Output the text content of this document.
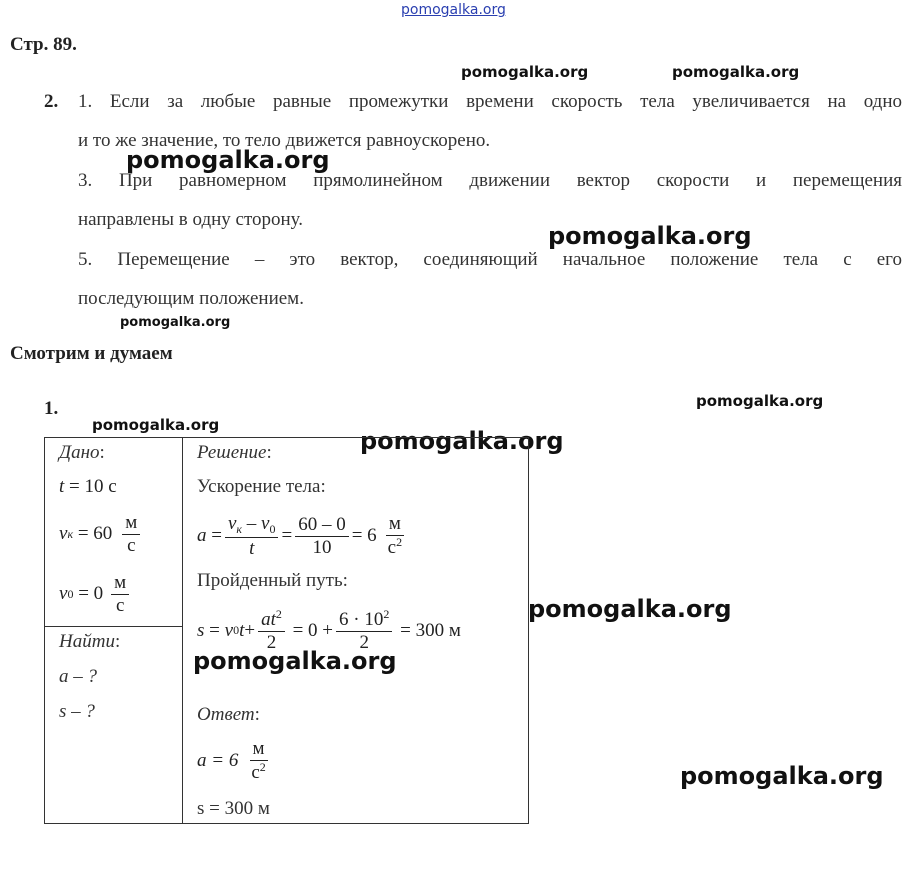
pomogalka.org
pomogalka.org	pomogalka.org
pomogalka.org
pomogalka.org
pomogalka.org
pomogalka.org
pomogalka.org
pomogalka.org
pomogalka.org
pomogalka.org
Стр. 89.
2. 1. Если за любые равные промежутки времени скорость тела увеличивается на одно
и то же значение, то тело движется равноускорено.
3. При равномерном прямолинейном движении вектор скорости и перемещения
направлены в одну сторону.
5. Перемещение – это вектор, соединяющий начальное положение тела с его
последующим положением.
Смотрим и думаем
1.
Дано:
t
= 10 с
v к
= $60 \frac{м}{с}$
v 0
= $0 \frac{м}{с}$
Найти:
a – ?
s – ?
Решение:
Ускорение тела:
a
= $\frac{v_к - v_0}{t} = \frac{60 - 0}{10}$ =
$6 \frac{м}{с^2}$
Пройденный путь:
s
=
v 0 $t + \frac{at^2}{2}$
= $0 + \frac{6 \cdot 10^2}{2}$
= 300 м
pomogalka.org
Ответ:
$a = 6 \frac{м}{с^2}$
s = 300 м
